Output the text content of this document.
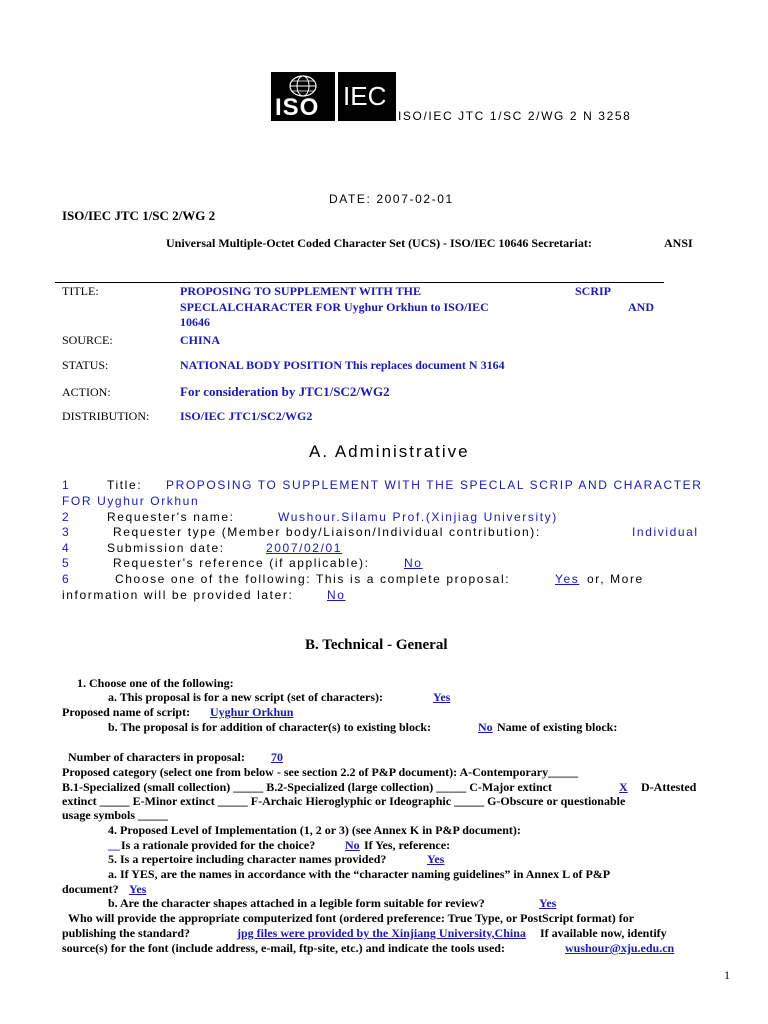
ISO IEC
ISO/IEC JTC 1/SC 2/WG 2 N 3258
DATE: 2007-02-01
ISO/IEC JTC 1/SC 2/WG 2
Universal Multiple-Octet Coded Character Set (UCS) - ISO/IEC 10646 Secretariat:	ANSI
TITLE:	PROPOSING TO SUPPLEMENT WITH THE	SCRIP
SPECLALCHARACTER FOR Uyghur Orkhun to ISO/IEC	AND
10646
SOURCE:	CHINA
STATUS:	NATIONAL BODY POSITION This replaces document N 3164
ACTION:	For consideration by JTC1/SC2/WG2
DISTRIBUTION:	ISO/IEC JTC1/SC2/WG2
A. Administrative
1	Title: PROPOSING TO SUPPLEMENT WITH THE SPECLAL SCRIP AND CHARACTER
FOR Uyghur Orkhun
2	Requester's name:	Wushour.Silamu Prof.(Xinjiag University)
3	Requester type (Member body/Liaison/Individual contribution):	Individual
4	Submission date:	2007/02/01
5	Requester's reference (if applicable):	No
6	Choose one of the following: This is a complete proposal:	Yes or, More
information will be provided later:	No
B. Technical - General
1. Choose one of the following:
a. This proposal is for a new script (set of characters):	Yes
Proposed name of script: Uyghur Orkhun
b. The proposal is for addition of character(s) to existing block:	No Name of existing block:
Number of characters in proposal: 70
Proposed category (select one from below - see section 2.2 of P&P document): A-Contemporary_____
B.1-Specialized (small collection) _____ B.2-Specialized (large collection) _____ C-Major extinct	X D-Attested
extinct _____ E-Minor extinct _____ F-Archaic Hieroglyphic or Ideographic _____ G-Obscure or questionable
usage symbols _____
4. Proposed Level of Implementation (1, 2 or 3) (see Annex K in P&P document):
__ Is a rationale provided for the choice? No If Yes, reference:
5. Is a repertoire including character names provided?	Yes
a. If YES, are the names in accordance with the “character naming guidelines” in Annex L of P&P
document? Yes
b. Are the character shapes attached in a legible form suitable for review?	Yes
Who will provide the appropriate computerized font (ordered preference: True Type, or PostScript format) for
publishing the standard?	jpg files were provided by the Xinjiang University,China If available now, identify
source(s) for the font (include address, e-mail, ftp-site, etc.) and indicate the tools used:	wushour@xju.edu.cn
1
